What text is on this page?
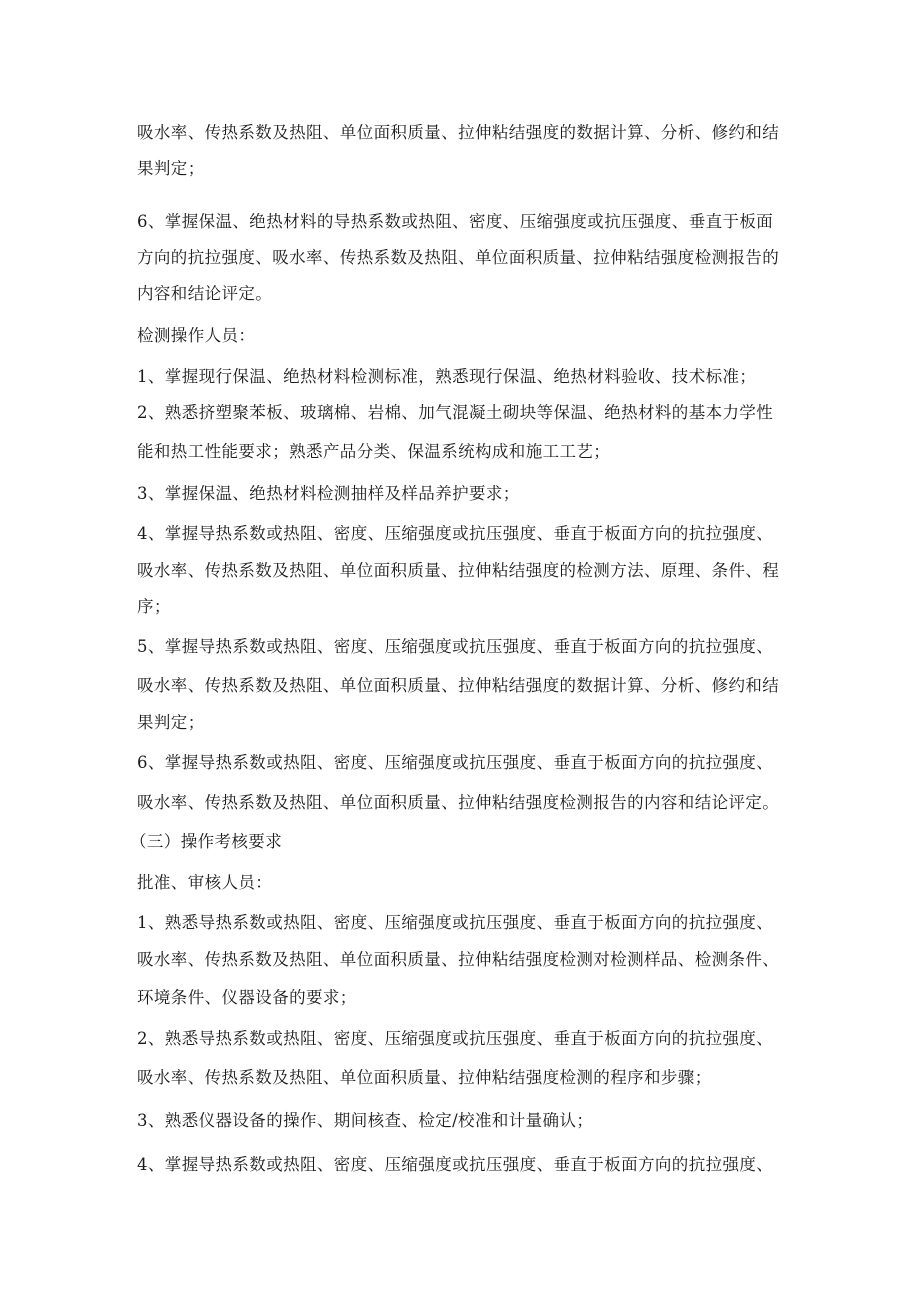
吸水率、传热系数及热阻、单位面积质量、拉伸粘结强度的数据计算、分析、修约和结
果判定；
6、掌握保温、绝热材料的导热系数或热阻、密度、压缩强度或抗压强度、垂直于板面
方向的抗拉强度、吸水率、传热系数及热阻、单位面积质量、拉伸粘结强度检测报告的
内容和结论评定。
检测操作人员：
1、掌握现行保温、绝热材料检测标准，熟悉现行保温、绝热材料验收、技术标准；
2、熟悉挤塑聚苯板、玻璃棉、岩棉、加气混凝土砌块等保温、绝热材料的基本力学性
能和热工性能要求；熟悉产品分类、保温系统构成和施工工艺；
3、掌握保温、绝热材料检测抽样及样品养护要求；
4、掌握导热系数或热阻、密度、压缩强度或抗压强度、垂直于板面方向的抗拉强度、
吸水率、传热系数及热阻、单位面积质量、拉伸粘结强度的检测方法、原理、条件、程
序；
5、掌握导热系数或热阻、密度、压缩强度或抗压强度、垂直于板面方向的抗拉强度、
吸水率、传热系数及热阻、单位面积质量、拉伸粘结强度的数据计算、分析、修约和结
果判定；
6、掌握导热系数或热阻、密度、压缩强度或抗压强度、垂直于板面方向的抗拉强度、
吸水率、传热系数及热阻、单位面积质量、拉伸粘结强度检测报告的内容和结论评定。
（三）操作考核要求
批准、审核人员：
1、熟悉导热系数或热阻、密度、压缩强度或抗压强度、垂直于板面方向的抗拉强度、
吸水率、传热系数及热阻、单位面积质量、拉伸粘结强度检测对检测样品、检测条件、
环境条件、仪器设备的要求；
2、熟悉导热系数或热阻、密度、压缩强度或抗压强度、垂直于板面方向的抗拉强度、
吸水率、传热系数及热阻、单位面积质量、拉伸粘结强度检测的程序和步骤；
3、熟悉仪器设备的操作、期间核查、检定/校准和计量确认；
4、掌握导热系数或热阻、密度、压缩强度或抗压强度、垂直于板面方向的抗拉强度、
